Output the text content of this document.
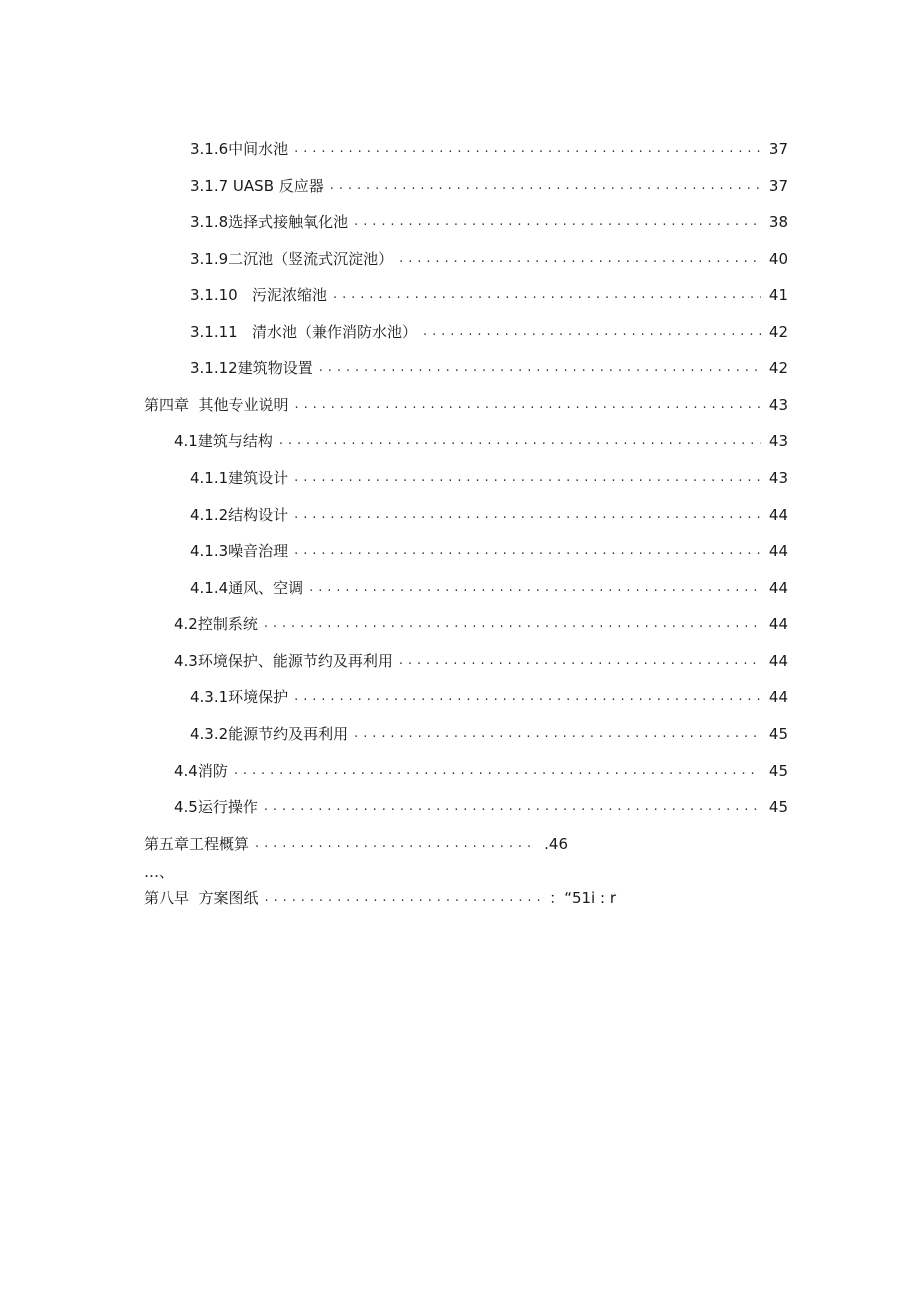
3.1.6中间水池 . . .	37
3.1.7 UASB 反应器 . . .	37
3.1.8选择式接触氧化池 . . .	38
3.1.9二沉池（竖流式沉淀池） . . .	40
3.1.10   污泥浓缩池 . . .	41
3.1.11   清水池（兼作消防水池） . . .	42
3.1.12建筑物设置 . . .	42
第四章  其他专业说明 . . .	43
4.1建筑与结构 . . .	43
4.1.1建筑设计 . . .	43
4.1.2结构设计 . . .	44
4.1.3噪音治理 . . .	44
4.1.4通风、空调 . . .	44
4.2控制系统 . . .	44
4.3环境保护、能源节约及再利用 . . .	44
4.3.1环境保护 . . .	44
4.3.2能源节约及再利用 . . .	45
4.4消防 . . .	45
4.5运行操作 . . .	45
第五章工程概算 . . .	.46
…、
第八早  方案图纸 . . .	：“51i : r
